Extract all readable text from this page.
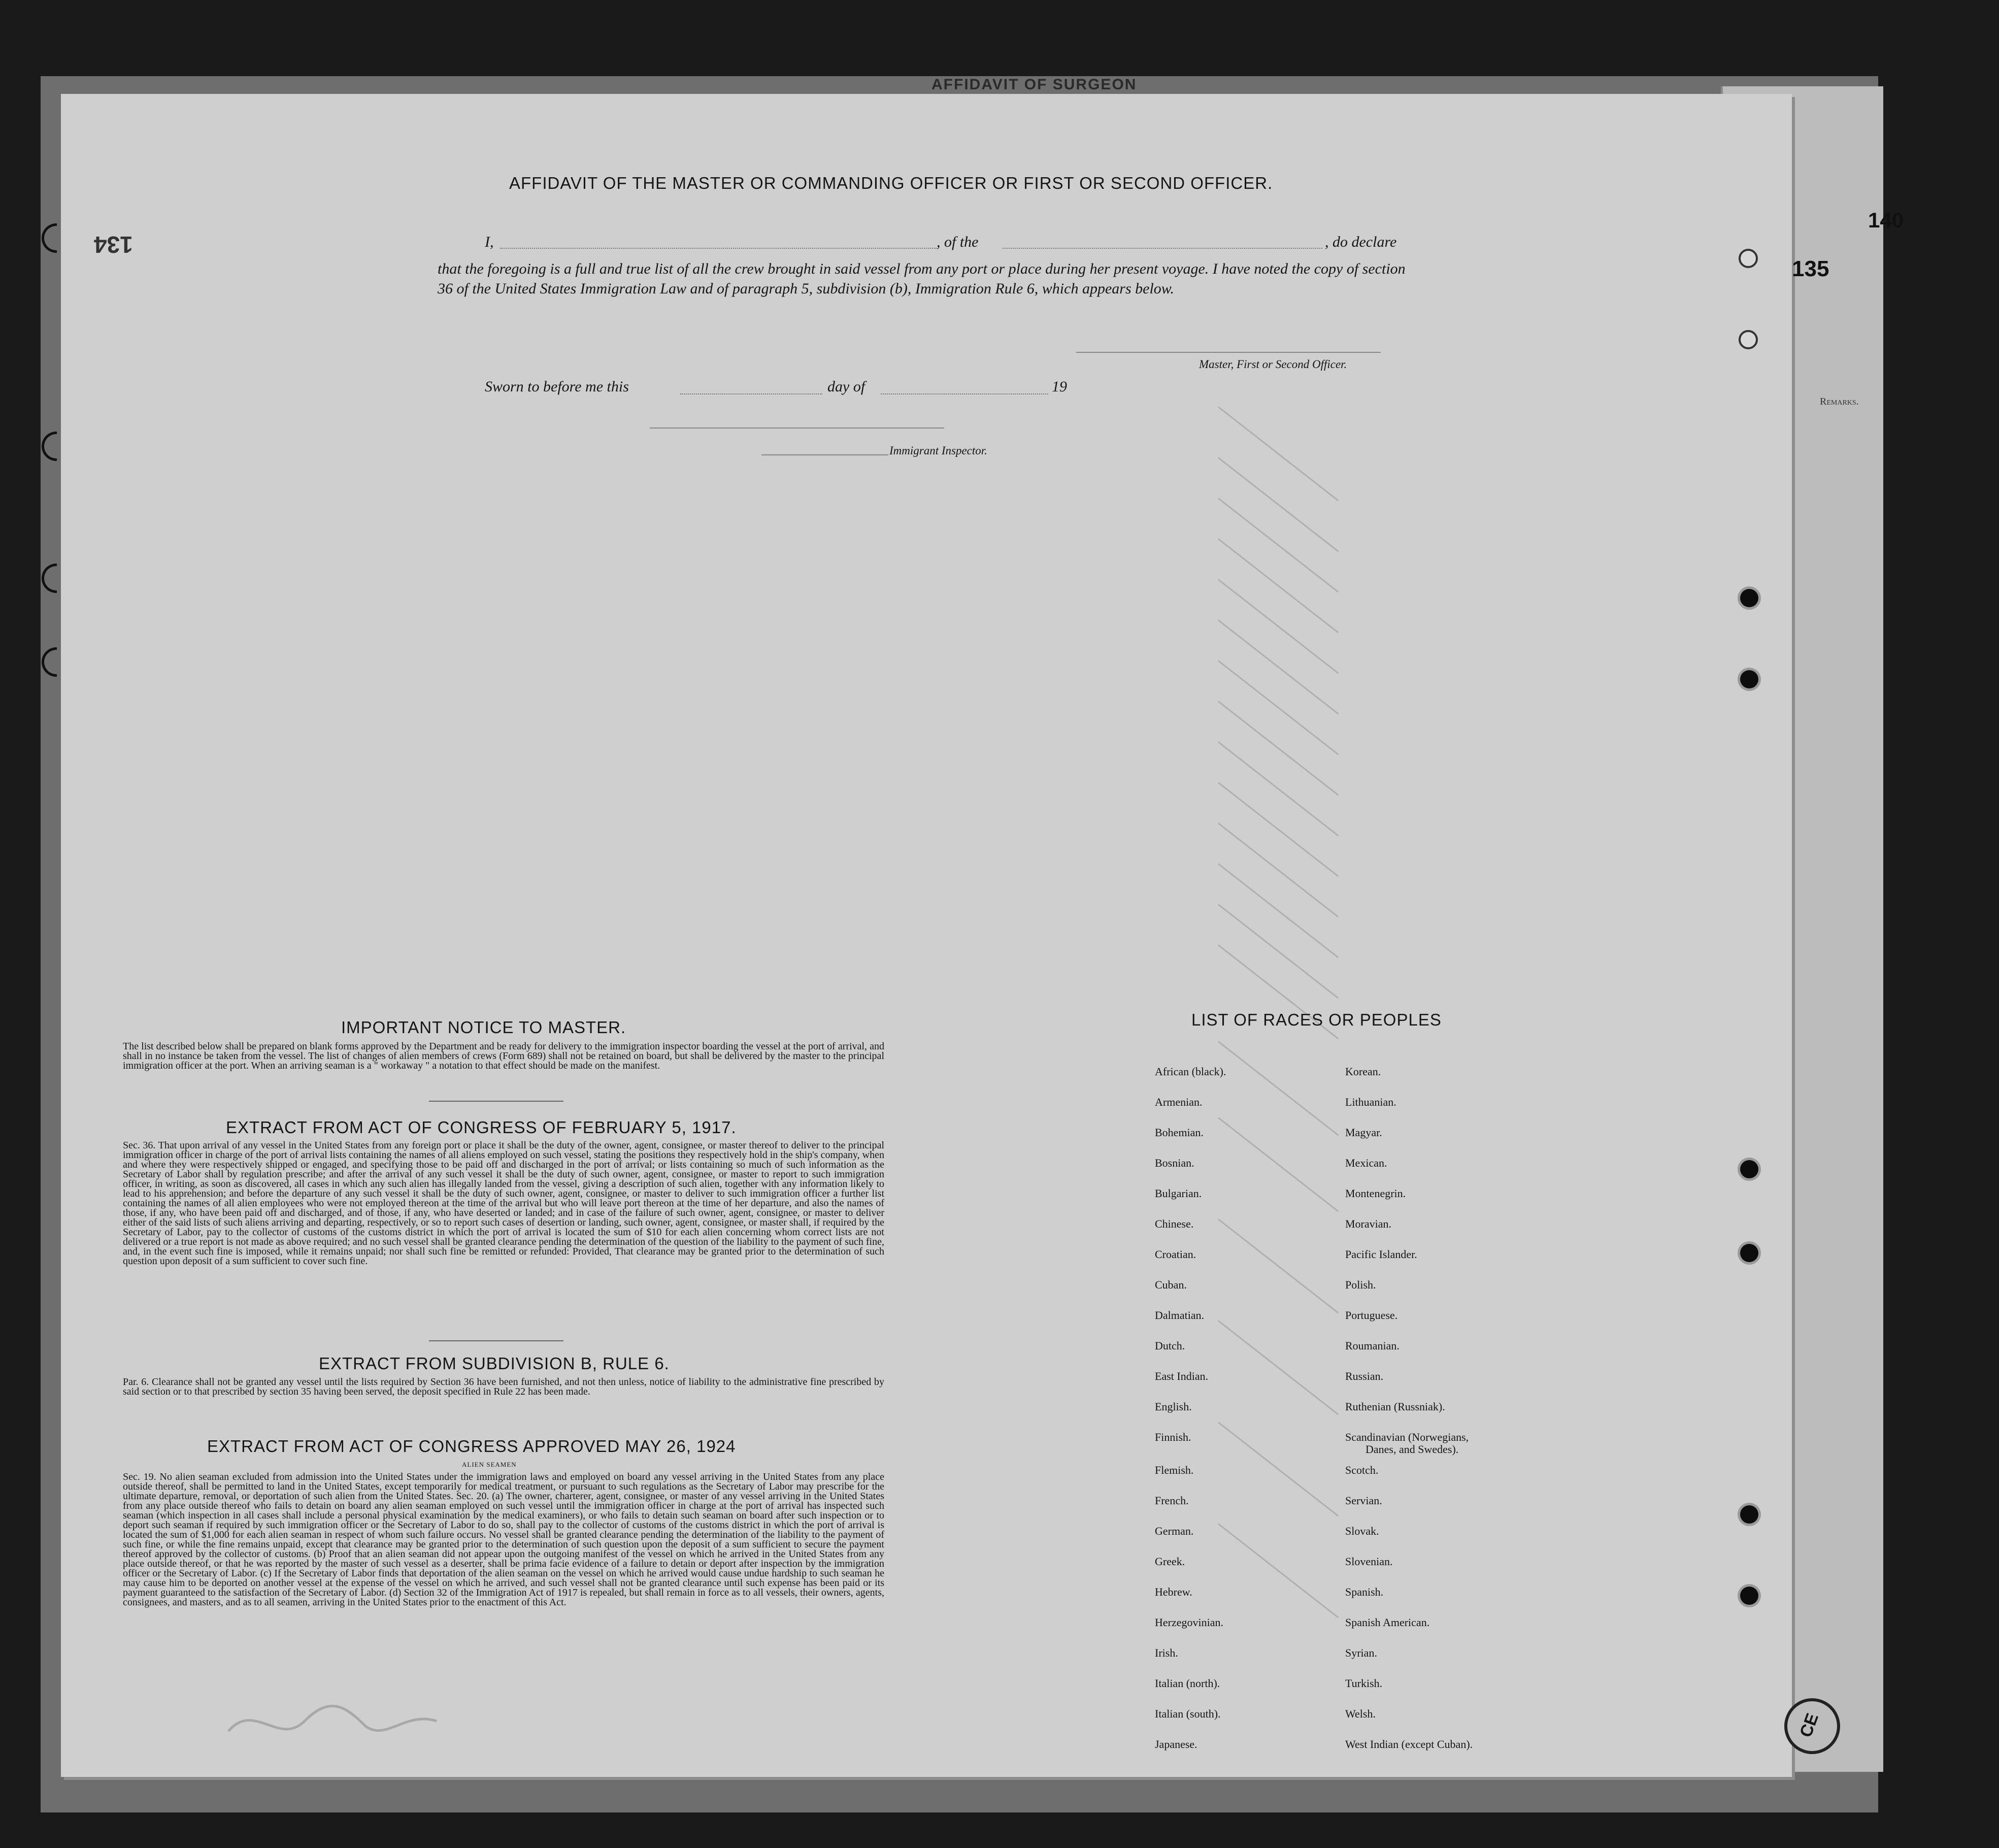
AFFIDAVIT OF SURGEON
140
135
134
Remarks.
AFFIDAVIT OF THE MASTER OR COMMANDING OFFICER OR FIRST OR SECOND OFFICER.
I,	, of the	, do declare
that the foregoing is a full and true list of all the crew brought in said vessel from any port or place during her present voyage. I have noted the copy of section 36 of the United States Immigration Law and of paragraph 5, subdivision (b), Immigration Rule 6, which appears below.
Master, First or Second Officer.
Sworn to before me this	day of	19
Immigrant Inspector.
IMPORTANT NOTICE TO MASTER.
The list described below shall be prepared on blank forms approved by the Department and be ready for delivery to the immigration inspector boarding the vessel at the port of arrival, and shall in no instance be taken from the vessel. The list of changes of alien members of crews (Form 689) shall not be retained on board, but shall be delivered by the master to the principal immigration officer at the port. When an arriving seaman is a " workaway " a notation to that effect should be made on the manifest.
EXTRACT FROM ACT OF CONGRESS OF FEBRUARY 5, 1917.
Sec. 36. That upon arrival of any vessel in the United States from any foreign port or place it shall be the duty of the owner, agent, consignee, or master thereof to deliver to the principal immigration officer in charge of the port of arrival lists containing the names of all aliens employed on such vessel, stating the positions they respectively hold in the ship's company, when and where they were respectively shipped or engaged, and specifying those to be paid off and discharged in the port of arrival; or lists containing so much of such information as the Secretary of Labor shall by regulation prescribe; and after the arrival of any such vessel it shall be the duty of such owner, agent, consignee, or master to report to such immigration officer, in writing, as soon as discovered, all cases in which any such alien has illegally landed from the vessel, giving a description of such alien, together with any information likely to lead to his apprehension; and before the departure of any such vessel it shall be the duty of such owner, agent, consignee, or master to deliver to such immigration officer a further list containing the names of all alien employees who were not employed thereon at the time of the arrival but who will leave port thereon at the time of her departure, and also the names of those, if any, who have been paid off and discharged, and of those, if any, who have deserted or landed; and in case of the failure of such owner, agent, consignee, or master to deliver either of the said lists of such aliens arriving and departing, respectively, or so to report such cases of desertion or landing, such owner, agent, consignee, or master shall, if required by the Secretary of Labor, pay to the collector of customs of the customs district in which the port of arrival is located the sum of $10 for each alien concerning whom correct lists are not delivered or a true report is not made as above required; and no such vessel shall be granted clearance pending the determination of the question of the liability to the payment of such fine, and, in the event such fine is imposed, while it remains unpaid; nor shall such fine be remitted or refunded: Provided, That clearance may be granted prior to the determination of such question upon deposit of a sum sufficient to cover such fine.
EXTRACT FROM SUBDIVISION B, RULE 6.
Par. 6. Clearance shall not be granted any vessel until the lists required by Section 36 have been furnished, and not then unless, notice of liability to the administrative fine prescribed by said section or to that prescribed by section 35 having been served, the deposit specified in Rule 22 has been made.
EXTRACT FROM ACT OF CONGRESS APPROVED MAY 26, 1924
ALIEN SEAMEN
Sec. 19. No alien seaman excluded from admission into the United States under the immigration laws and employed on board any vessel arriving in the United States from any place outside thereof, shall be permitted to land in the United States, except temporarily for medical treatment, or pursuant to such regulations as the Secretary of Labor may prescribe for the ultimate departure, removal, or deportation of such alien from the United States. Sec. 20. (a) The owner, charterer, agent, consignee, or master of any vessel arriving in the United States from any place outside thereof who fails to detain on board any alien seaman employed on such vessel until the immigration officer in charge at the port of arrival has inspected such seaman (which inspection in all cases shall include a personal physical examination by the medical examiners), or who fails to detain such seaman on board after such inspection or to deport such seaman if required by such immigration officer or the Secretary of Labor to do so, shall pay to the collector of customs of the customs district in which the port of arrival is located the sum of $1,000 for each alien seaman in respect of whom such failure occurs. No vessel shall be granted clearance pending the determination of the liability to the payment of such fine, or while the fine remains unpaid, except that clearance may be granted prior to the determination of such question upon the deposit of a sum sufficient to secure the payment thereof approved by the collector of customs. (b) Proof that an alien seaman did not appear upon the outgoing manifest of the vessel on which he arrived in the United States from any place outside thereof, or that he was reported by the master of such vessel as a deserter, shall be prima facie evidence of a failure to detain or deport after inspection by the immigration officer or the Secretary of Labor. (c) If the Secretary of Labor finds that deportation of the alien seaman on the vessel on which he arrived would cause undue hardship to such seaman he may cause him to be deported on another vessel at the expense of the vessel on which he arrived, and such vessel shall not be granted clearance until such expense has been paid or its payment guaranteed to the satisfaction of the Secretary of Labor. (d) Section 32 of the Immigration Act of 1917 is repealed, but shall remain in force as to all vessels, their owners, agents, consignees, and masters, and as to all seamen, arriving in the United States prior to the enactment of this Act.
LIST OF RACES OR PEOPLES
African (black).
Armenian.
Bohemian.
Bosnian.
Bulgarian.
Chinese.
Croatian.
Cuban.
Dalmatian.
Dutch.
East Indian.
English.
Finnish.
Flemish.
French.
German.
Greek.
Hebrew.
Herzegovinian.
Irish.
Italian (north).
Italian (south).
Japanese.
Korean.
Lithuanian.
Magyar.
Mexican.
Montenegrin.
Moravian.
Pacific Islander.
Polish.
Portuguese.
Roumanian.
Russian.
Ruthenian (Russniak).
Scandinavian (Norwegians,
Danes, and Swedes).
Scotch.
Servian.
Slovak.
Slovenian.
Spanish.
Spanish American.
Syrian.
Turkish.
Welsh.
West Indian (except Cuban).
CE
